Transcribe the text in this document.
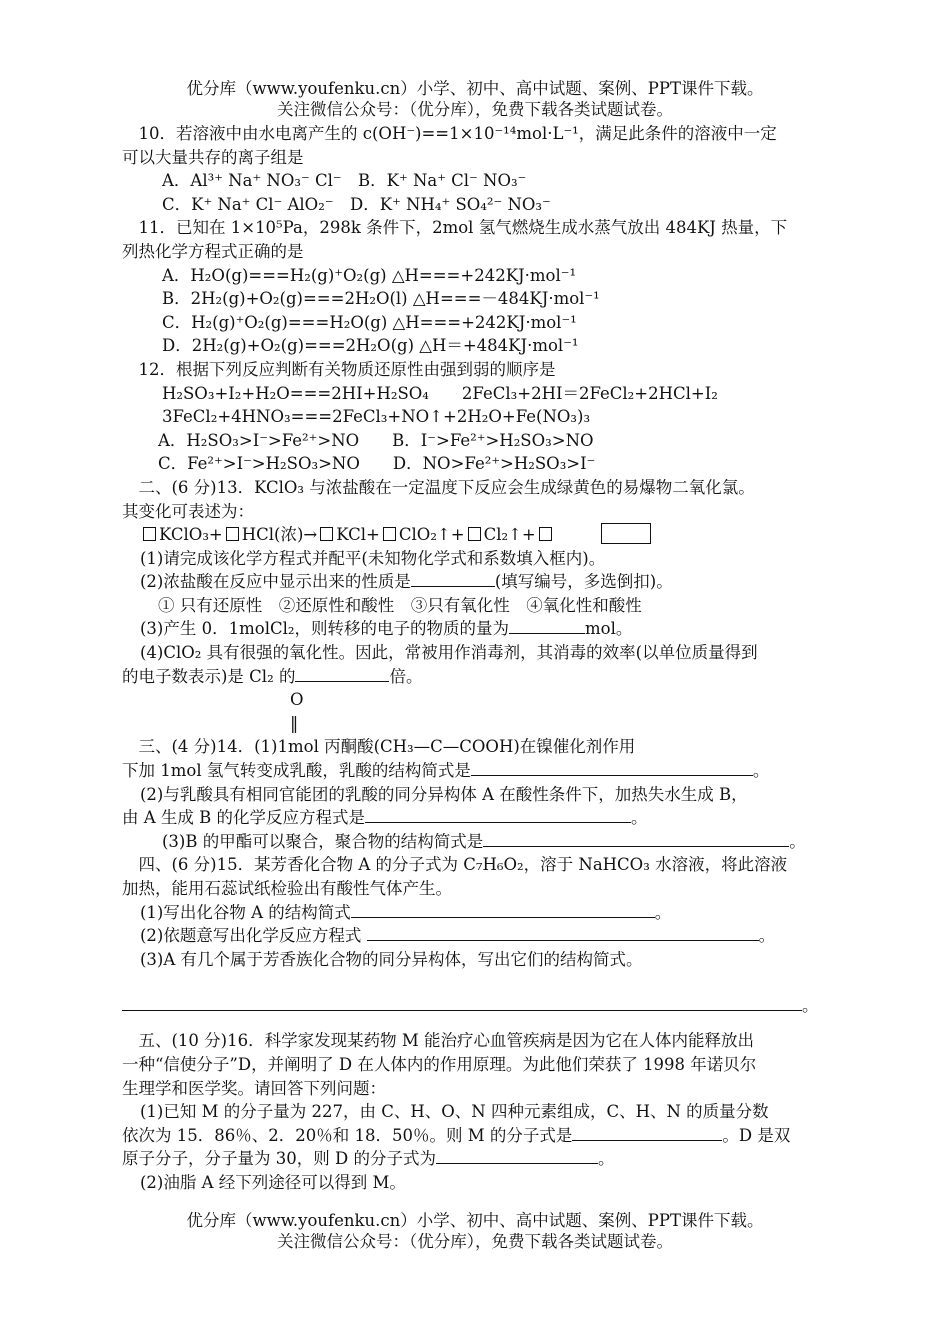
优分库（www.youfenku.cn）小学、初中、高中试题、案例、PPT课件下载。
关注微信公众号：（优分库），免费下载各类试题试卷。
　10．若溶液中由水电离产生的 c(OH⁻)==1×10⁻¹⁴mol·L⁻¹，满足此条件的溶液中一定
可以大量共存的离子组是
A．Al³⁺ Na⁺ NO₃⁻ Cl⁻　B．K⁺ Na⁺ Cl⁻ NO₃⁻
C．K⁺ Na⁺ Cl⁻ AlO₂⁻　D．K⁺ NH₄⁺ SO₄²⁻ NO₃⁻
　11．已知在 1×10⁵Pa，298k 条件下，2mol 氢气燃烧生成水蒸气放出 484KJ 热量，下
列热化学方程式正确的是
A．H₂O(g)===H₂(g)⁺O₂(g) △H===+242KJ·mol⁻¹
B．2H₂(g)+O₂(g)===2H₂O(l) △H===－484KJ·mol⁻¹
C．H₂(g)⁺O₂(g)===H₂O(g) △H===+242KJ·mol⁻¹
D．2H₂(g)+O₂(g)===2H₂O(g) △H＝+484KJ·mol⁻¹
　12．根据下列反应判断有关物质还原性由强到弱的顺序是
H₂SO₃+I₂+H₂O===2HI+H₂SO₄　　2FeCl₃+2HI＝2FeCl₂+2HCl+I₂
3FeCl₂+4HNO₃===2FeCl₃+NO↑+2H₂O+Fe(NO₃)₃
A．H₂SO₃>I⁻>Fe²⁺>NO　　B．I⁻>Fe²⁺>H₂SO₃>NO
C．Fe²⁺>I⁻>H₂SO₃>NO　　D．NO>Fe²⁺>H₂SO₃>I⁻
　二、(6 分)13．KClO₃ 与浓盐酸在一定温度下反应会生成绿黄色的易爆物二氧化氯。
其变化可表述为：
KClO₃+ HCl(浓)→ KCl+ ClO₂↑+ Cl₂↑+
(1)请完成该化学方程式并配平(未知物化学式和系数填入框内)。
(2)浓盐酸在反应中显示出来的性质是	(填写编号，多选倒扣)。
① 只有还原性　②还原性和酸性　③只有氧化性　④氧化性和酸性
(3)产生 0．1molCl₂，则转移的电子的物质的量为	mol。
(4)ClO₂ 具有很强的氧化性。因此，常被用作消毒剂，其消毒的效率(以单位质量得到
的电子数表示)是 Cl₂ 的	倍。
O
‖
　三、(4 分)14．(1)1mol 丙酮酸(CH₃—C—COOH)在镍催化剂作用
下加 1mol 氢气转变成乳酸，乳酸的结构简式是	。
(2)与乳酸具有相同官能团的乳酸的同分异构体 A 在酸性条件下，加热失水生成 B，
由 A 生成 B 的化学反应方程式是	。
(3)B 的甲酯可以聚合，聚合物的结构简式是	。
　四、(6 分)15．某芳香化合物 A 的分子式为 C₇H₆O₂，溶于 NaHCO₃ 水溶液，将此溶液
加热，能用石蕊试纸检验出有酸性气体产生。
(1)写出化谷物 A 的结构简式	。
(2)依题意写出化学反应方程式	。
(3)A 有几个属于芳香族化合物的同分异构体，写出它们的结构简式。
。
　五、(10 分)16．科学家发现某药物 M 能治疗心血管疾病是因为它在人体内能释放出
一种“信使分子”D，并阐明了 D 在人体内的作用原理。为此他们荣获了 1998 年诺贝尔
生理学和医学奖。请回答下列问题：
(1)已知 M 的分子量为 227，由 C、H、O、N 四种元素组成，C、H、N 的质量分数
依次为 15．86％、2．20％和 18．50％。则 M 的分子式是	。D 是双
原子分子，分子量为 30，则 D 的分子式为	。
(2)油脂 A 经下列途径可以得到 M。
优分库（www.youfenku.cn）小学、初中、高中试题、案例、PPT课件下载。
关注微信公众号：（优分库），免费下载各类试题试卷。
